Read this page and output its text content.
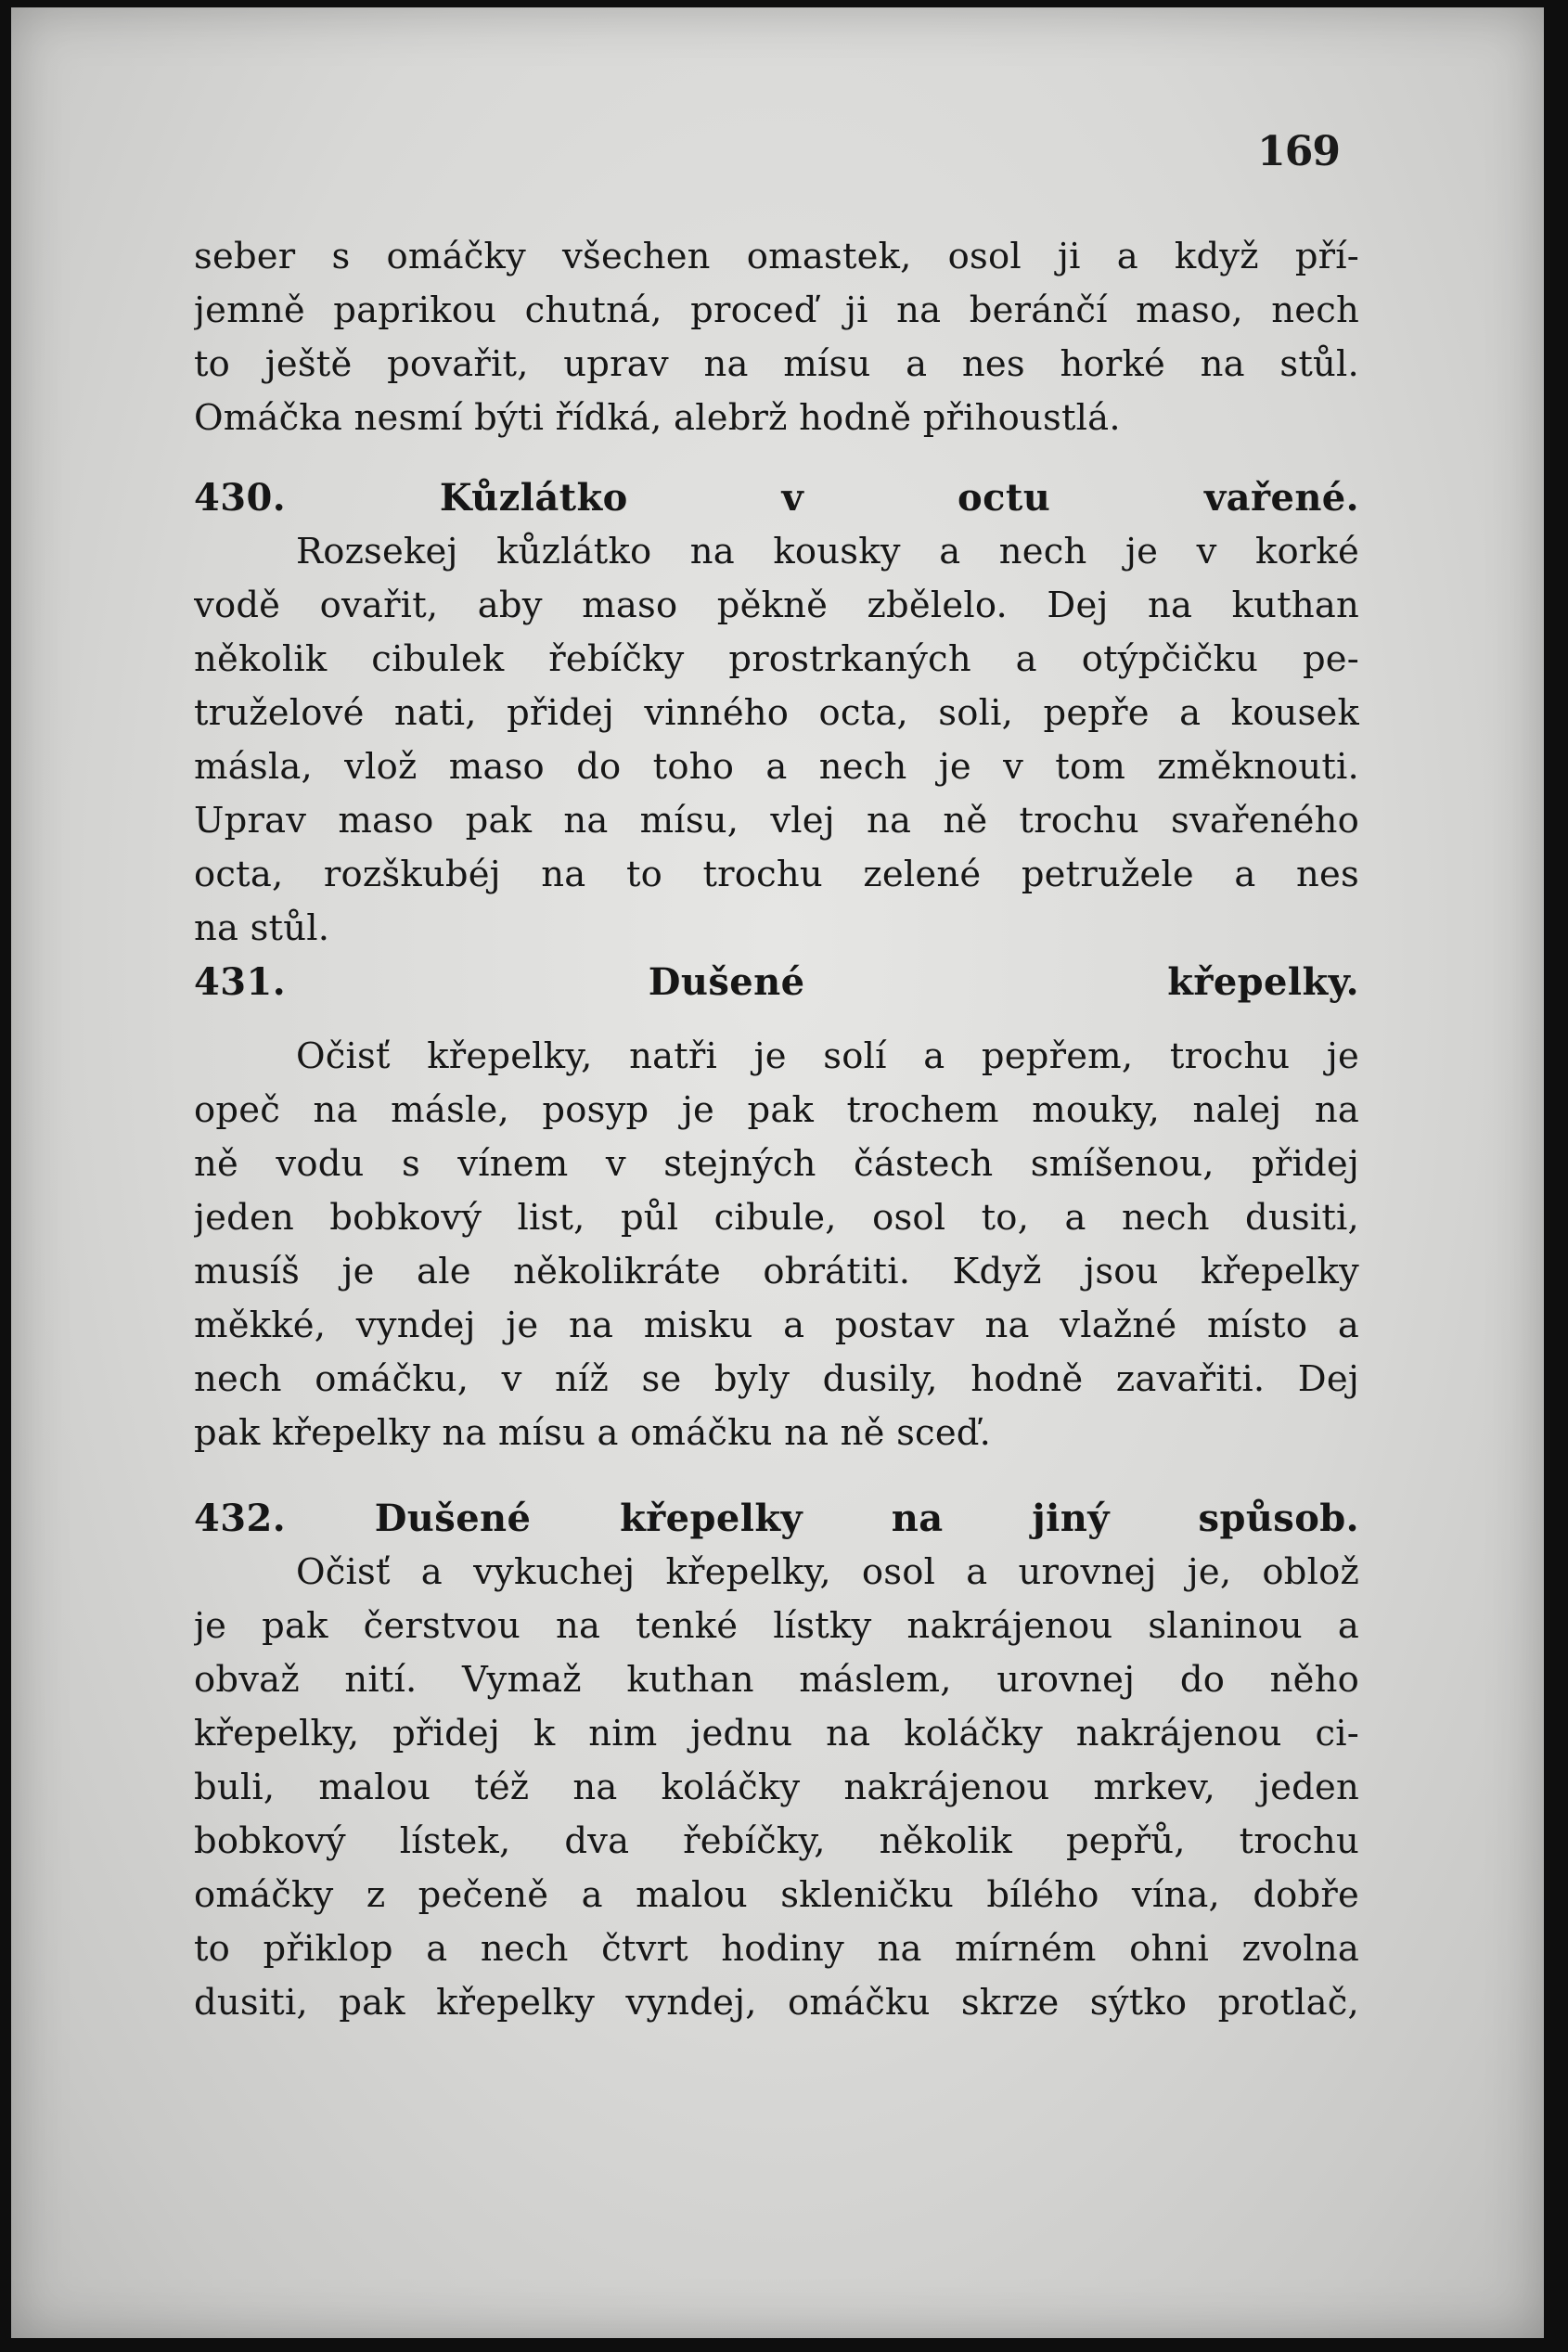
169
seber s omáčky všechen omastek, osol ji a když pří-
jemně paprikou chutná, proceď ji na beránčí maso, nech
to ještě povařit, uprav na mísu a nes horké na stůl.
Omáčka nesmí býti řídká, alebrž hodně přihoustlá.
430. Kůzlátko v octu vařené.
Rozsekej kůzlátko na kousky a nech je v korké
vodě ovařit, aby maso pěkně zbělelo. Dej na kuthan
několik cibulek řebíčky prostrkaných a otýpčičku pe-
truželové nati, přidej vinného octa, soli, pepře a kousek
másla, vlož maso do toho a nech je v tom změknouti.
Uprav maso pak na mísu, vlej na ně trochu svařeného
octa, rozškubéj na to trochu zelené petružele a nes
na stůl.
431. Dušené křepelky.
Očisť křepelky, natři je solí a pepřem, trochu je
opeč na másle, posyp je pak trochem mouky, nalej na
ně vodu s vínem v stejných částech smíšenou, přidej
jeden bobkový list, půl cibule, osol to, a nech dusiti,
musíš je ale několikráte obrátiti. Když jsou křepelky
měkké, vyndej je na misku a postav na vlažné místo a
nech omáčku, v níž se byly dusily, hodně zavařiti. Dej
pak křepelky na mísu a omáčku na ně sceď.
432. Dušené křepelky na jiný spůsob.
Očisť a vykuchej křepelky, osol a urovnej je, oblož
je pak čerstvou na tenké lístky nakrájenou slaninou a
obvaž nití. Vymaž kuthan máslem, urovnej do něho
křepelky, přidej k nim jednu na koláčky nakrájenou ci-
buli, malou též na koláčky nakrájenou mrkev, jeden
bobkový lístek, dva řebíčky, několik pepřů, trochu
omáčky z pečeně a malou skleničku bílého vína, dobře
to přiklop a nech čtvrt hodiny na mírném ohni zvolna
dusiti, pak křepelky vyndej, omáčku skrze sýtko protlač,
